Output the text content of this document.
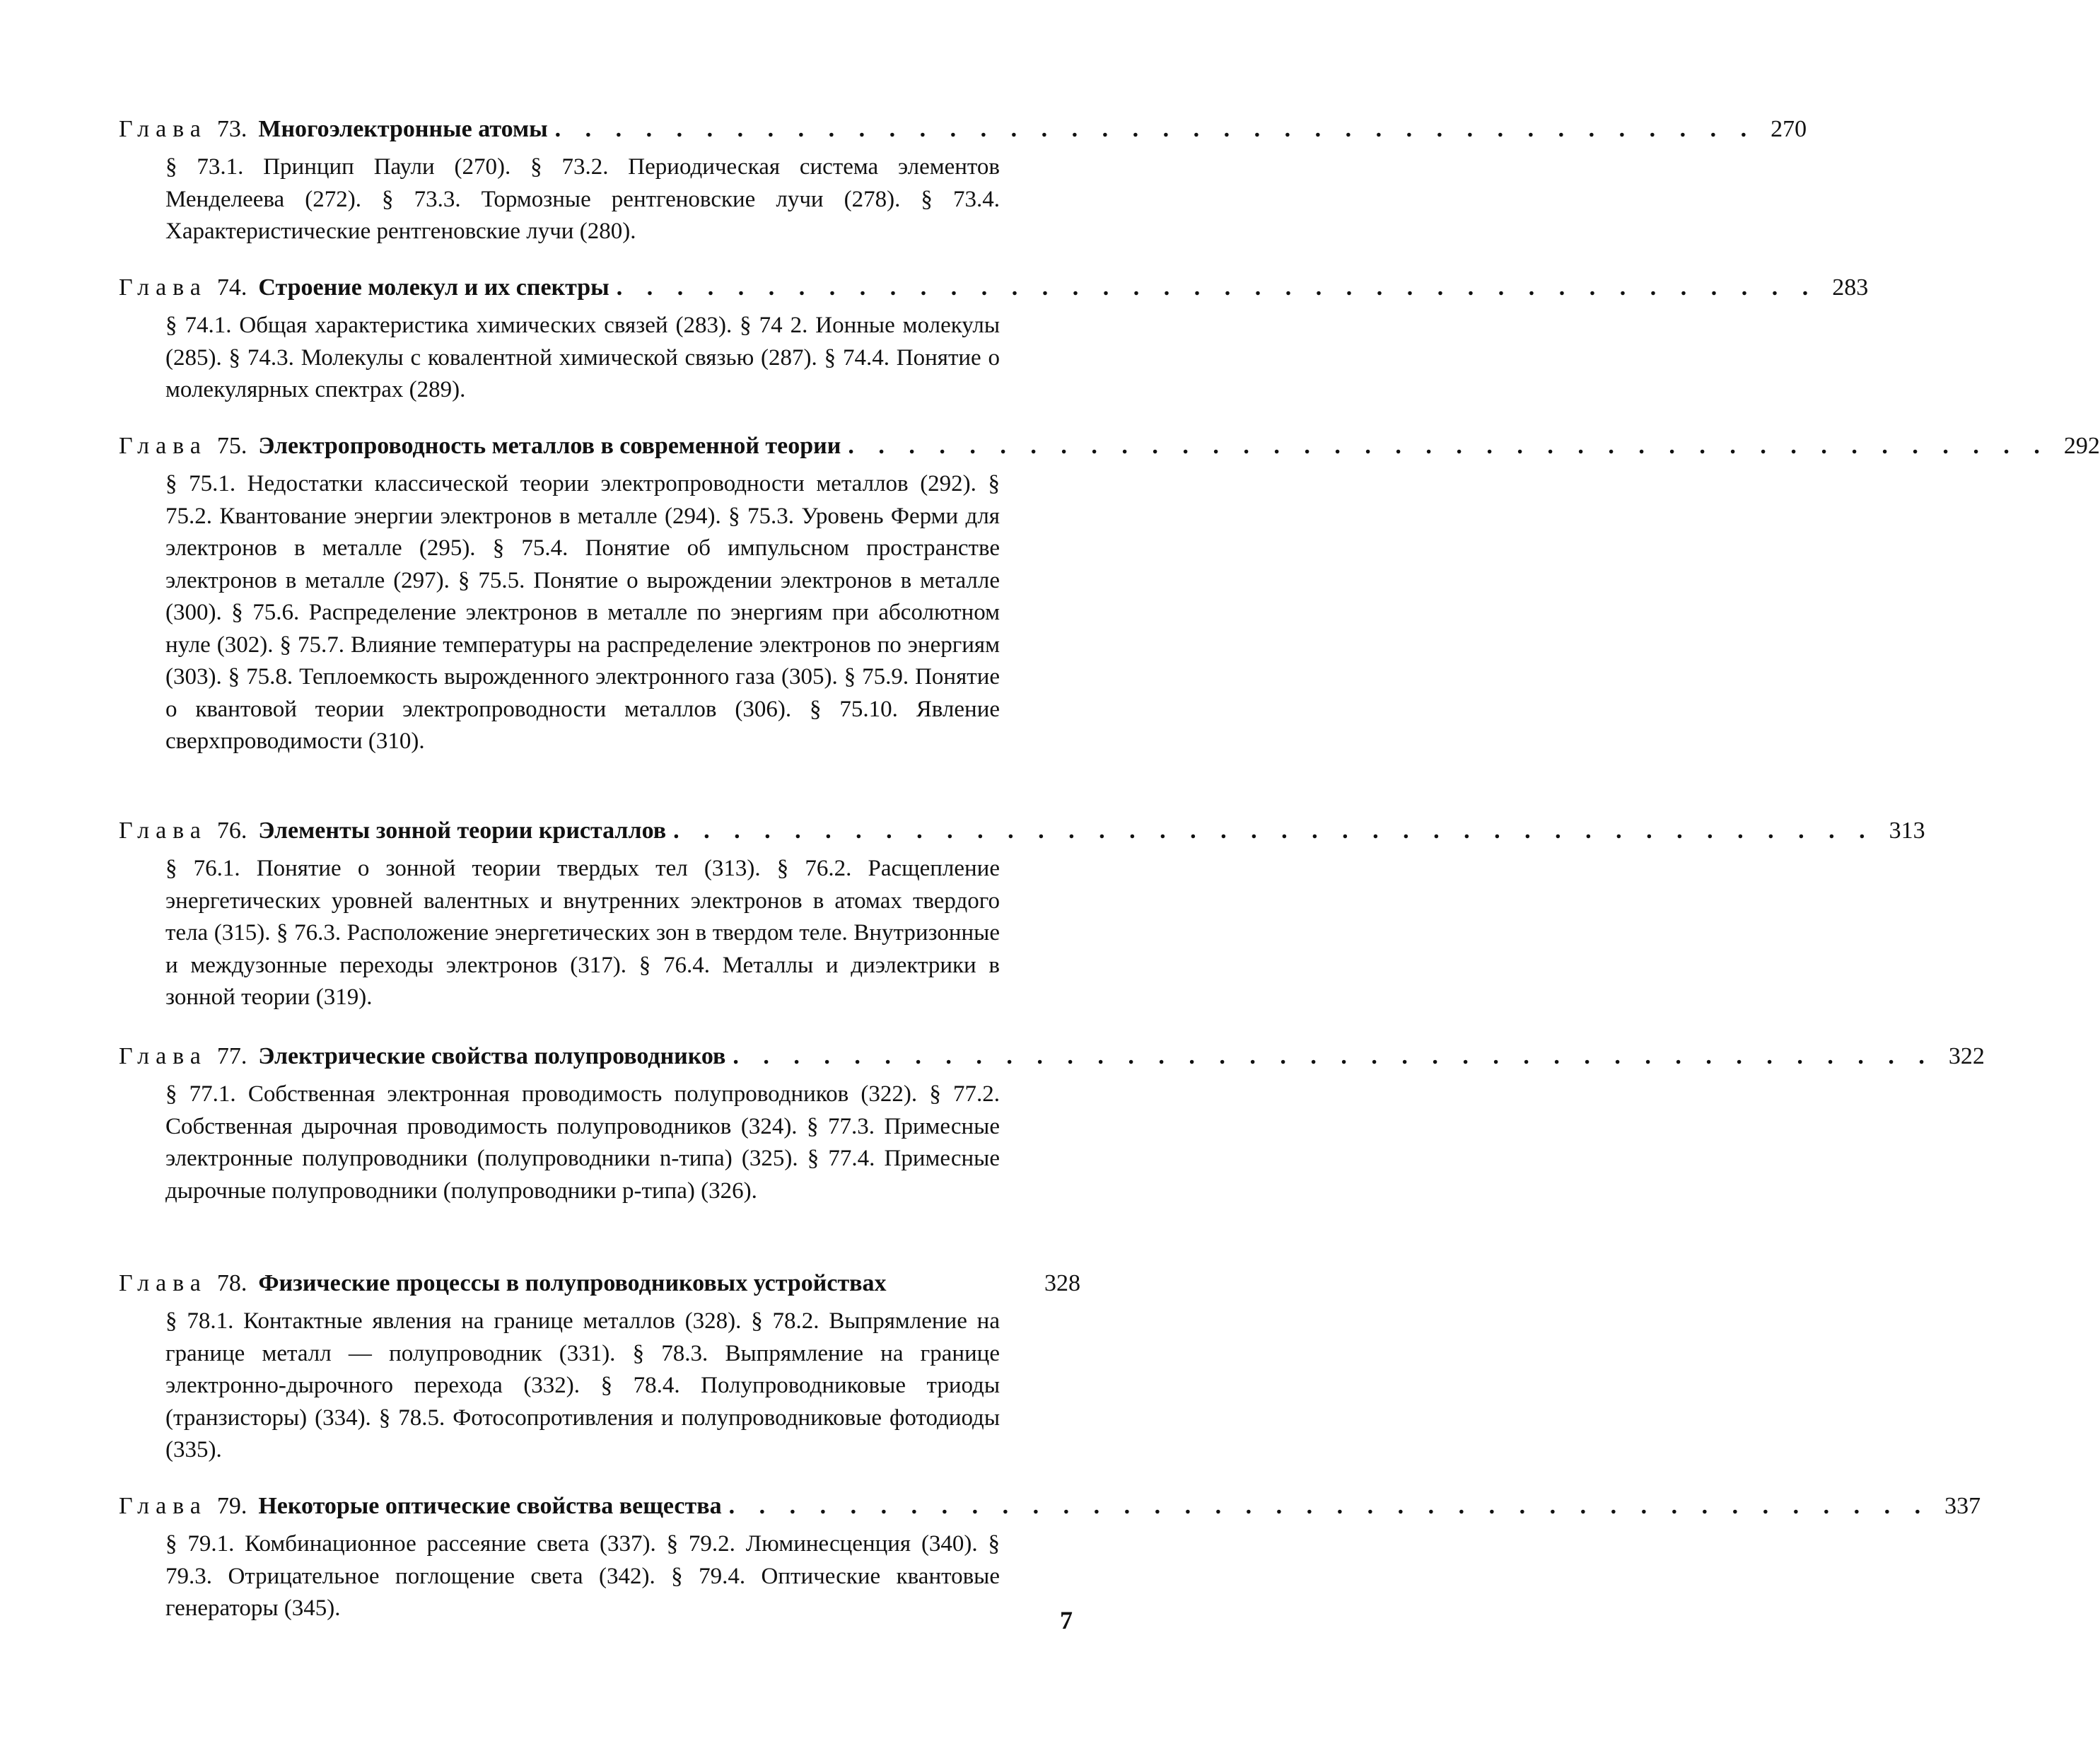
Глава 73. Многоэлектронные атомы . . . . . . . . . . . . . . . . . . . . . . . . . . . . . . . . . . . . . . . . 270
§ 73.1. Принцип Паули (270). § 73.2. Периодическая система элементов Менделеева (272). § 73.3. Тормозные рентгеновские лучи (278). § 73.4. Характеристические рентгеновские лучи (280).
Глава 74. Строение молекул и их спектры . . . . . . . . . . . . . . . . . . . . . . . . . . . . . . . . . . . . . . . . 283
§ 74.1. Общая характеристика химических связей (283). § 74 2. Ионные молекулы (285). § 74.3. Молекулы с ковалентной химической связью (287). § 74.4. Понятие о молекулярных спектрах (289).
Глава 75. Электропроводность металлов в современной теории . . . . . . . . . . . . . . . . . . . . . . . . . . . . . . . . . . . . . . . . 292
§ 75.1. Недостатки классической теории электропроводности металлов (292). § 75.2. Квантование энергии электронов в металле (294). § 75.3. Уровень Ферми для электронов в металле (295). § 75.4. Понятие об импульсном пространстве электронов в металле (297). § 75.5. Понятие о вырождении электронов в металле (300). § 75.6. Распределение электронов в металле по энергиям при абсолютном нуле (302). § 75.7. Влияние температуры на распределение электронов по энергиям (303). § 75.8. Теплоемкость вырожденного электронного газа (305). § 75.9. Понятие о квантовой теории электропроводности металлов (306). § 75.10. Явление сверхпроводимости (310).
Глава 76. Элементы зонной теории кристаллов . . . . . . . . . . . . . . . . . . . . . . . . . . . . . . . . . . . . . . . . 313
§ 76.1. Понятие о зонной теории твердых тел (313). § 76.2. Расщепление энергетических уровней валентных и внутренних электронов в атомах твердого тела (315). § 76.3. Расположение энергетических зон в твердом теле. Внутризонные и междузонные переходы электронов (317). § 76.4. Металлы и диэлектрики в зонной теории (319).
Глава 77. Электрические свойства полупроводников . . . . . . . . . . . . . . . . . . . . . . . . . . . . . . . . . . . . . . . . 322
§ 77.1. Собственная электронная проводимость полупроводников (322). § 77.2. Собственная дырочная проводимость полупроводников (324). § 77.3. Примесные электронные полупроводники (полупроводники n-типа) (325). § 77.4. Примесные дырочные полупроводники (полупроводники p-типа) (326).
Глава 78. Физические процессы в полупроводниковых устройствах	328
§ 78.1. Контактные явления на границе металлов (328). § 78.2. Выпрямление на границе металл — полупроводник (331). § 78.3. Выпрямление на границе электронно-дырочного перехода (332). § 78.4. Полупроводниковые триоды (транзисторы) (334). § 78.5. Фотосопротивления и полупроводниковые фотодиоды (335).
Глава 79. Некоторые оптические свойства вещества . . . . . . . . . . . . . . . . . . . . . . . . . . . . . . . . . . . . . . . . 337
§ 79.1. Комбинационное рассеяние света (337). § 79.2. Люминесценция (340). § 79.3. Отрицательное поглощение света (342). § 79.4. Оптические квантовые генераторы (345).	7
